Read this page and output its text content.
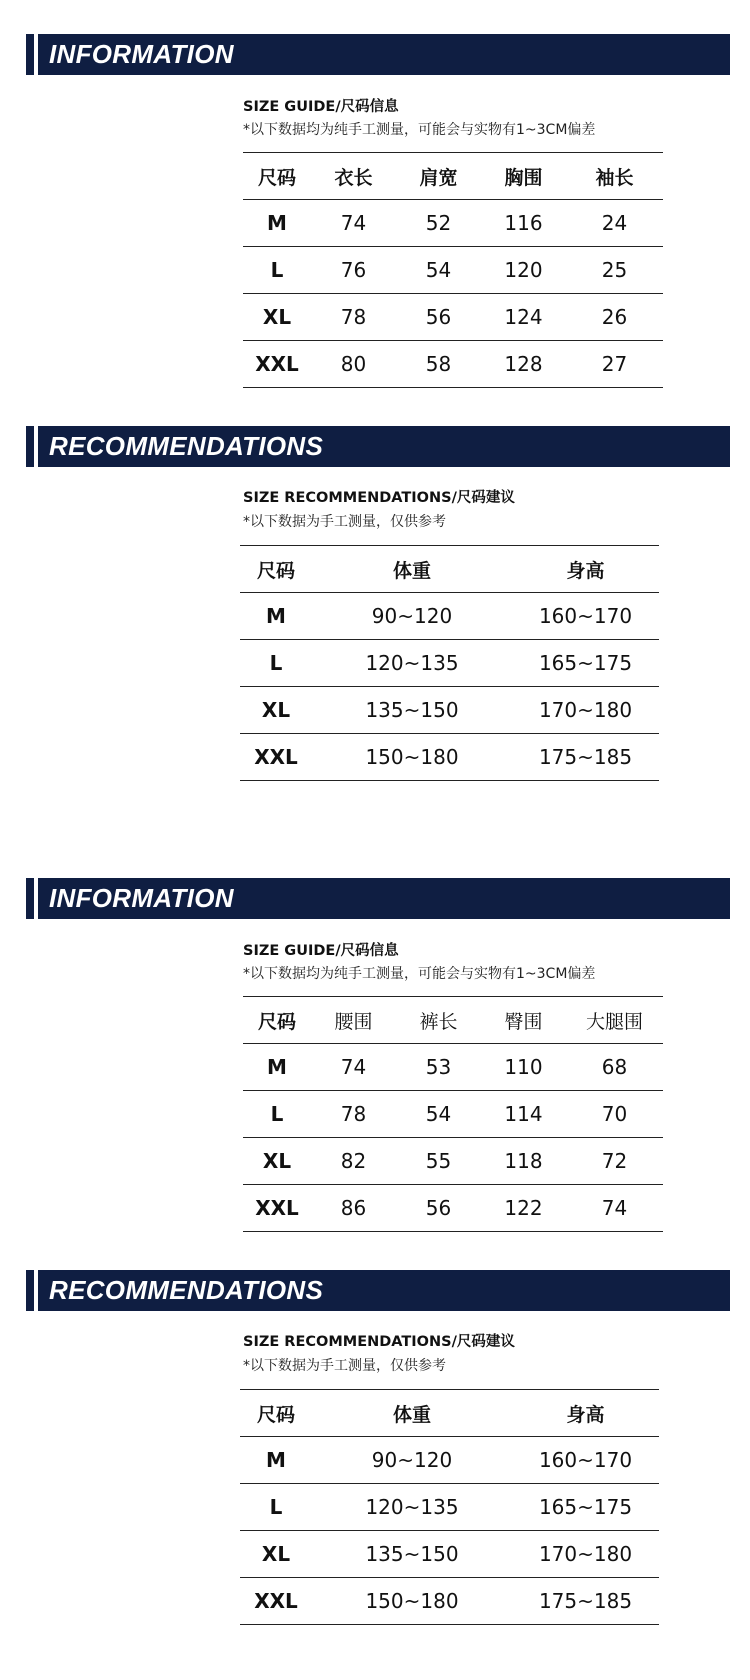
INFORMATION
SIZE GUIDE/尺码信息
*以下数据均为纯手工测量，可能会与实物有1~3CM偏差
尺码	衣长	肩宽	胸围	袖长
M	74	52	116	24
L	76	54	120	25
XL	78	56	124	26
XXL	80	58	128	27
RECOMMENDATIONS
SIZE RECOMMENDATIONS/尺码建议
*以下数据为手工测量，仅供参考
尺码	体重	身高
M	90~120	160~170
L	120~135	165~175
XL	135~150	170~180
XXL	150~180	175~185
INFORMATION
SIZE GUIDE/尺码信息
*以下数据均为纯手工测量，可能会与实物有1~3CM偏差
尺码	腰围	裤长	臀围	大腿围
M	74	53	110	68
L	78	54	114	70
XL	82	55	118	72
XXL	86	56	122	74
RECOMMENDATIONS
SIZE RECOMMENDATIONS/尺码建议
*以下数据为手工测量，仅供参考
尺码	体重	身高
M	90~120	160~170
L	120~135	165~175
XL	135~150	170~180
XXL	150~180	175~185
